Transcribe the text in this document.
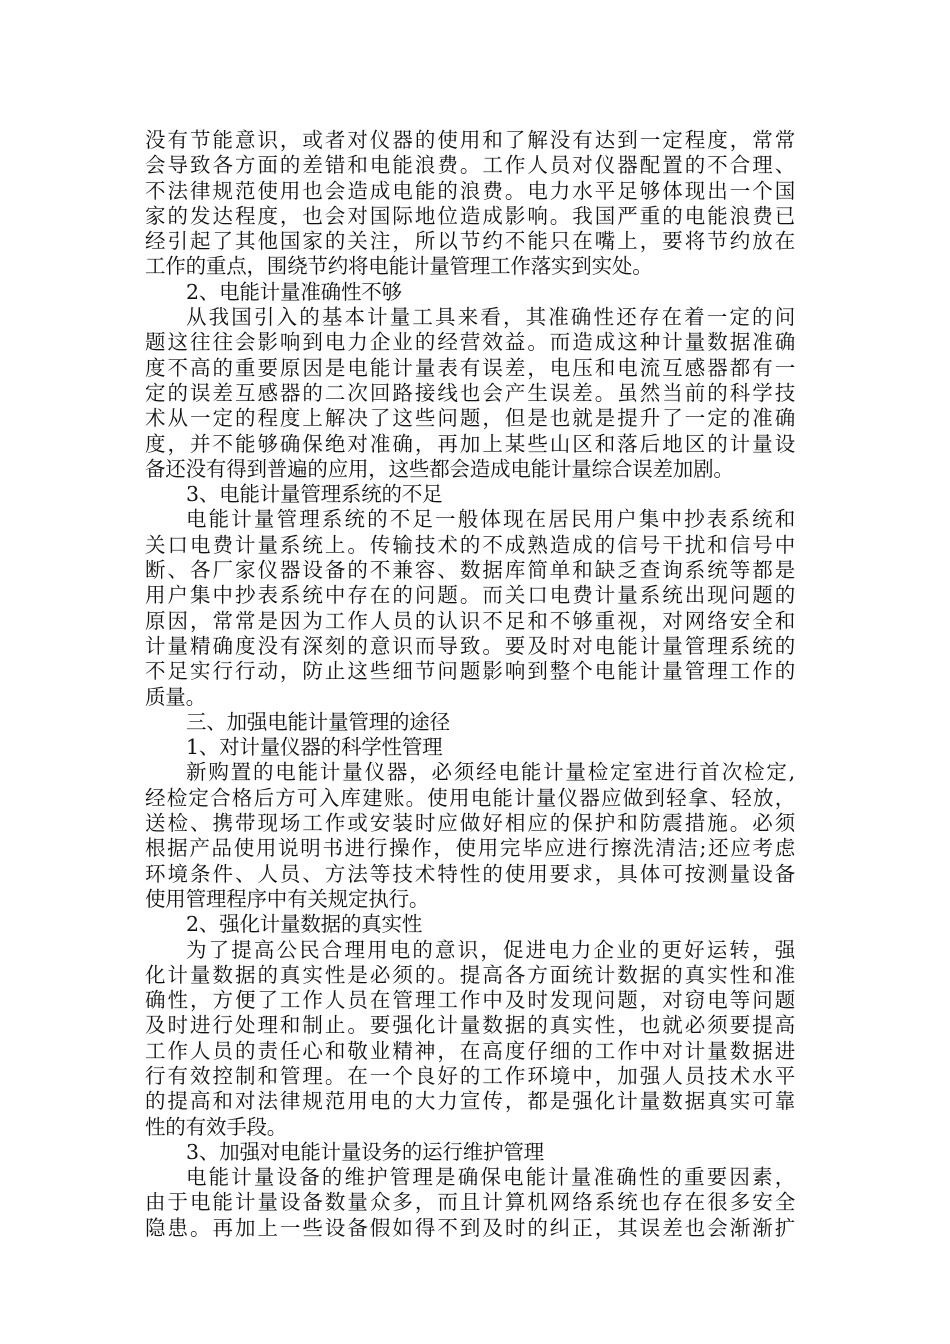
没有节能意识，或者对仪器的使用和了解没有达到一定程度，常常
会导致各方面的差错和电能浪费。工作人员对仪器配置的不合理、
不法律规范使用也会造成电能的浪费。电力水平足够体现出一个国
家的发达程度，也会对国际地位造成影响。我国严重的电能浪费已
经引起了其他国家的关注，所以节约不能只在嘴上，要将节约放在
工作的重点，围绕节约将电能计量管理工作落实到实处。
2、电能计量准确性不够
从我国引入的基本计量工具来看，其准确性还存在着一定的问
题这往往会影响到电力企业的经营效益。而造成这种计量数据准确
度不高的重要原因是电能计量表有误差，电压和电流互感器都有一
定的误差互感器的二次回路接线也会产生误差。虽然当前的科学技
术从一定的程度上解决了这些问题，但是也就是提升了一定的准确
度，并不能够确保绝对准确，再加上某些山区和落后地区的计量设
备还没有得到普遍的应用，这些都会造成电能计量综合误差加剧。
3、电能计量管理系统的不足
电能计量管理系统的不足一般体现在居民用户集中抄表系统和
关口电费计量系统上。传输技术的不成熟造成的信号干扰和信号中
断、各厂家仪器设备的不兼容、数据库简单和缺乏查询系统等都是
用户集中抄表系统中存在的问题。而关口电费计量系统出现问题的
原因，常常是因为工作人员的认识不足和不够重视，对网络安全和
计量精确度没有深刻的意识而导致。要及时对电能计量管理系统的
不足实行行动，防止这些细节问题影响到整个电能计量管理工作的
质量。
三、加强电能计量管理的途径
1、对计量仪器的科学性管理
新购置的电能计量仪器，必须经电能计量检定室进行首次检定,
经检定合格后方可入库建账。使用电能计量仪器应做到轻拿、轻放，
送检、携带现场工作或安装时应做好相应的保护和防震措施。必须
根据产品使用说明书进行操作，使用完毕应进行擦洗清洁;还应考虑
环境条件、人员、方法等技术特性的使用要求，具体可按测量设备
使用管理程序中有关规定执行。
2、强化计量数据的真实性
为了提高公民合理用电的意识，促进电力企业的更好运转，强
化计量数据的真实性是必须的。提高各方面统计数据的真实性和准
确性，方便了工作人员在管理工作中及时发现问题，对窃电等问题
及时进行处理和制止。要强化计量数据的真实性，也就必须要提高
工作人员的责任心和敬业精神，在高度仔细的工作中对计量数据进
行有效控制和管理。在一个良好的工作环境中，加强人员技术水平
的提高和对法律规范用电的大力宣传，都是强化计量数据真实可靠
性的有效手段。
3、加强对电能计量设务的运行维护管理
电能计量设备的维护管理是确保电能计量准确性的重要因素，
由于电能计量设备数量众多，而且计算机网络系统也存在很多安全
隐患。再加上一些设备假如得不到及时的纠正，其误差也会渐渐扩
